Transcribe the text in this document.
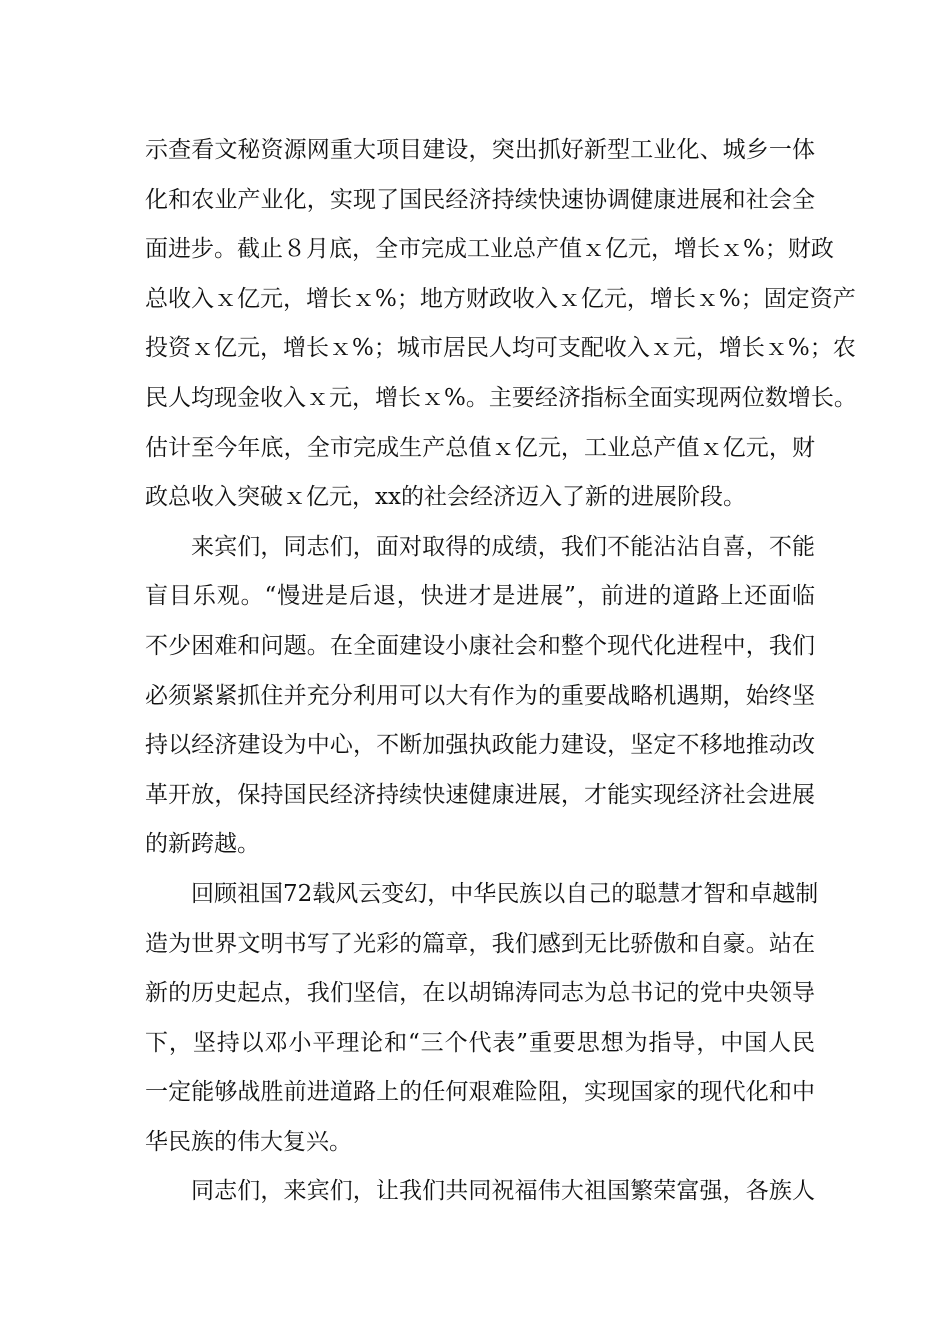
示查看文秘资源网重大项目建设，突出抓好新型工业化、城乡一体
化和农业产业化，实现了国民经济持续快速协调健康进展和社会全
面进步。截止８月底，全市完成工业总产值ｘ亿元，增长ｘ%；财政
总收入ｘ亿元，增长ｘ%；地方财政收入ｘ亿元，增长ｘ%；固定资产
投资ｘ亿元，增长ｘ%；城市居民人均可支配收入ｘ元，增长ｘ%；农
民人均现金收入ｘ元，增长ｘ%。主要经济指标全面实现两位数增长。
估计至今年底，全市完成生产总值ｘ亿元，工业总产值ｘ亿元，财
政总收入突破ｘ亿元，xx的社会经济迈入了新的进展阶段。
来宾们，同志们，面对取得的成绩，我们不能沾沾自喜，不能
盲目乐观。“慢进是后退，快进才是进展”，前进的道路上还面临
不少困难和问题。在全面建设小康社会和整个现代化进程中，我们
必须紧紧抓住并充分利用可以大有作为的重要战略机遇期，始终坚
持以经济建设为中心，不断加强执政能力建设，坚定不移地推动改
革开放，保持国民经济持续快速健康进展，才能实现经济社会进展
的新跨越。
回顾祖国72载风云变幻，中华民族以自己的聪慧才智和卓越制
造为世界文明书写了光彩的篇章，我们感到无比骄傲和自豪。站在
新的历史起点，我们坚信，在以胡锦涛同志为总书记的党中央领导
下，坚持以邓小平理论和“三个代表”重要思想为指导，中国人民
一定能够战胜前进道路上的任何艰难险阻，实现国家的现代化和中
华民族的伟大复兴。
同志们，来宾们，让我们共同祝福伟大祖国繁荣富强，各族人
